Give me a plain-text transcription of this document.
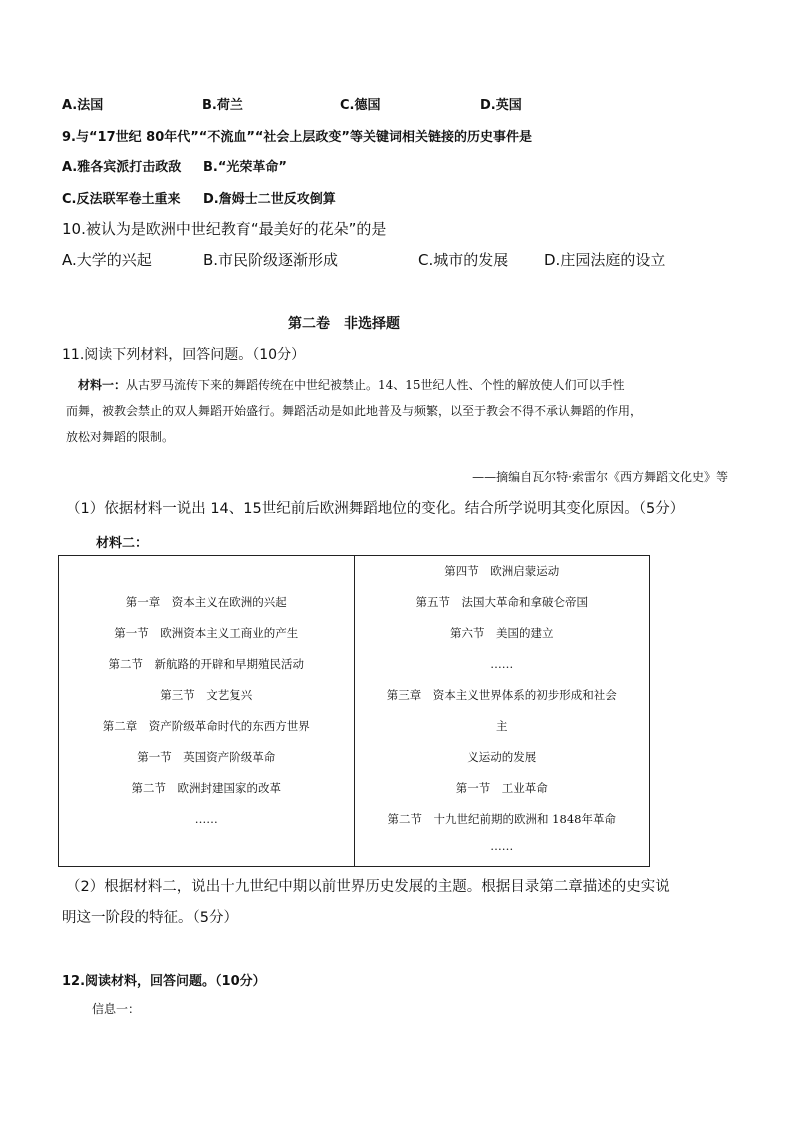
A.法国	B.荷兰	C.德国	D.英国
9.与“17世纪 80年代”“不流血”“社会上层政变”等关键词相关链接的历史事件是
A.雅各宾派打击政敌 B.“光荣革命”
C.反法联军卷土重来 D.詹姆士二世反攻倒算
10.被认为是欧洲中世纪教育“最美好的花朵”的是
A.大学的兴起	B.市民阶级逐渐形成	C.城市的发展 D.庄园法庭的设立
第二卷　非选择题
11.阅读下列材料，回答问题。（10分）
材料一：从古罗马流传下来的舞蹈传统在中世纪被禁止。14、15世纪人性、个性的解放使人们可以手性
而舞，被教会禁止的双人舞蹈开始盛行。舞蹈活动是如此地普及与频繁，以至于教会不得不承认舞蹈的作用，
放松对舞蹈的限制。
——摘编自瓦尔特·索雷尔《西方舞蹈文化史》等
（1）依据材料一说出 14、15世纪前后欧洲舞蹈地位的变化。结合所学说明其变化原因。（5分）
材料二：
第一章　资本主义在欧洲的兴起
第一节　欧洲资本主义工商业的产生
第二节　新航路的开辟和早期殖民活动
第三节　文艺复兴
第二章　资产阶级革命时代的东西方世界
第一节　英国资产阶级革命
第二节　欧洲封建国家的改革
……

第四节　欧洲启蒙运动
第五节　法国大革命和拿破仑帝国
第六节　美国的建立
……
第三章　资本主义世界体系的初步形成和社会
主
义运动的发展
第一节　工业革命
第二节　十九世纪前期的欧洲和 1848年革命
……
（2）根据材料二，说出十九世纪中期以前世界历史发展的主题。根据目录第二章描述的史实说
明这一阶段的特征。（5分）
12.阅读材料，回答问题。（10分）
信息一：
